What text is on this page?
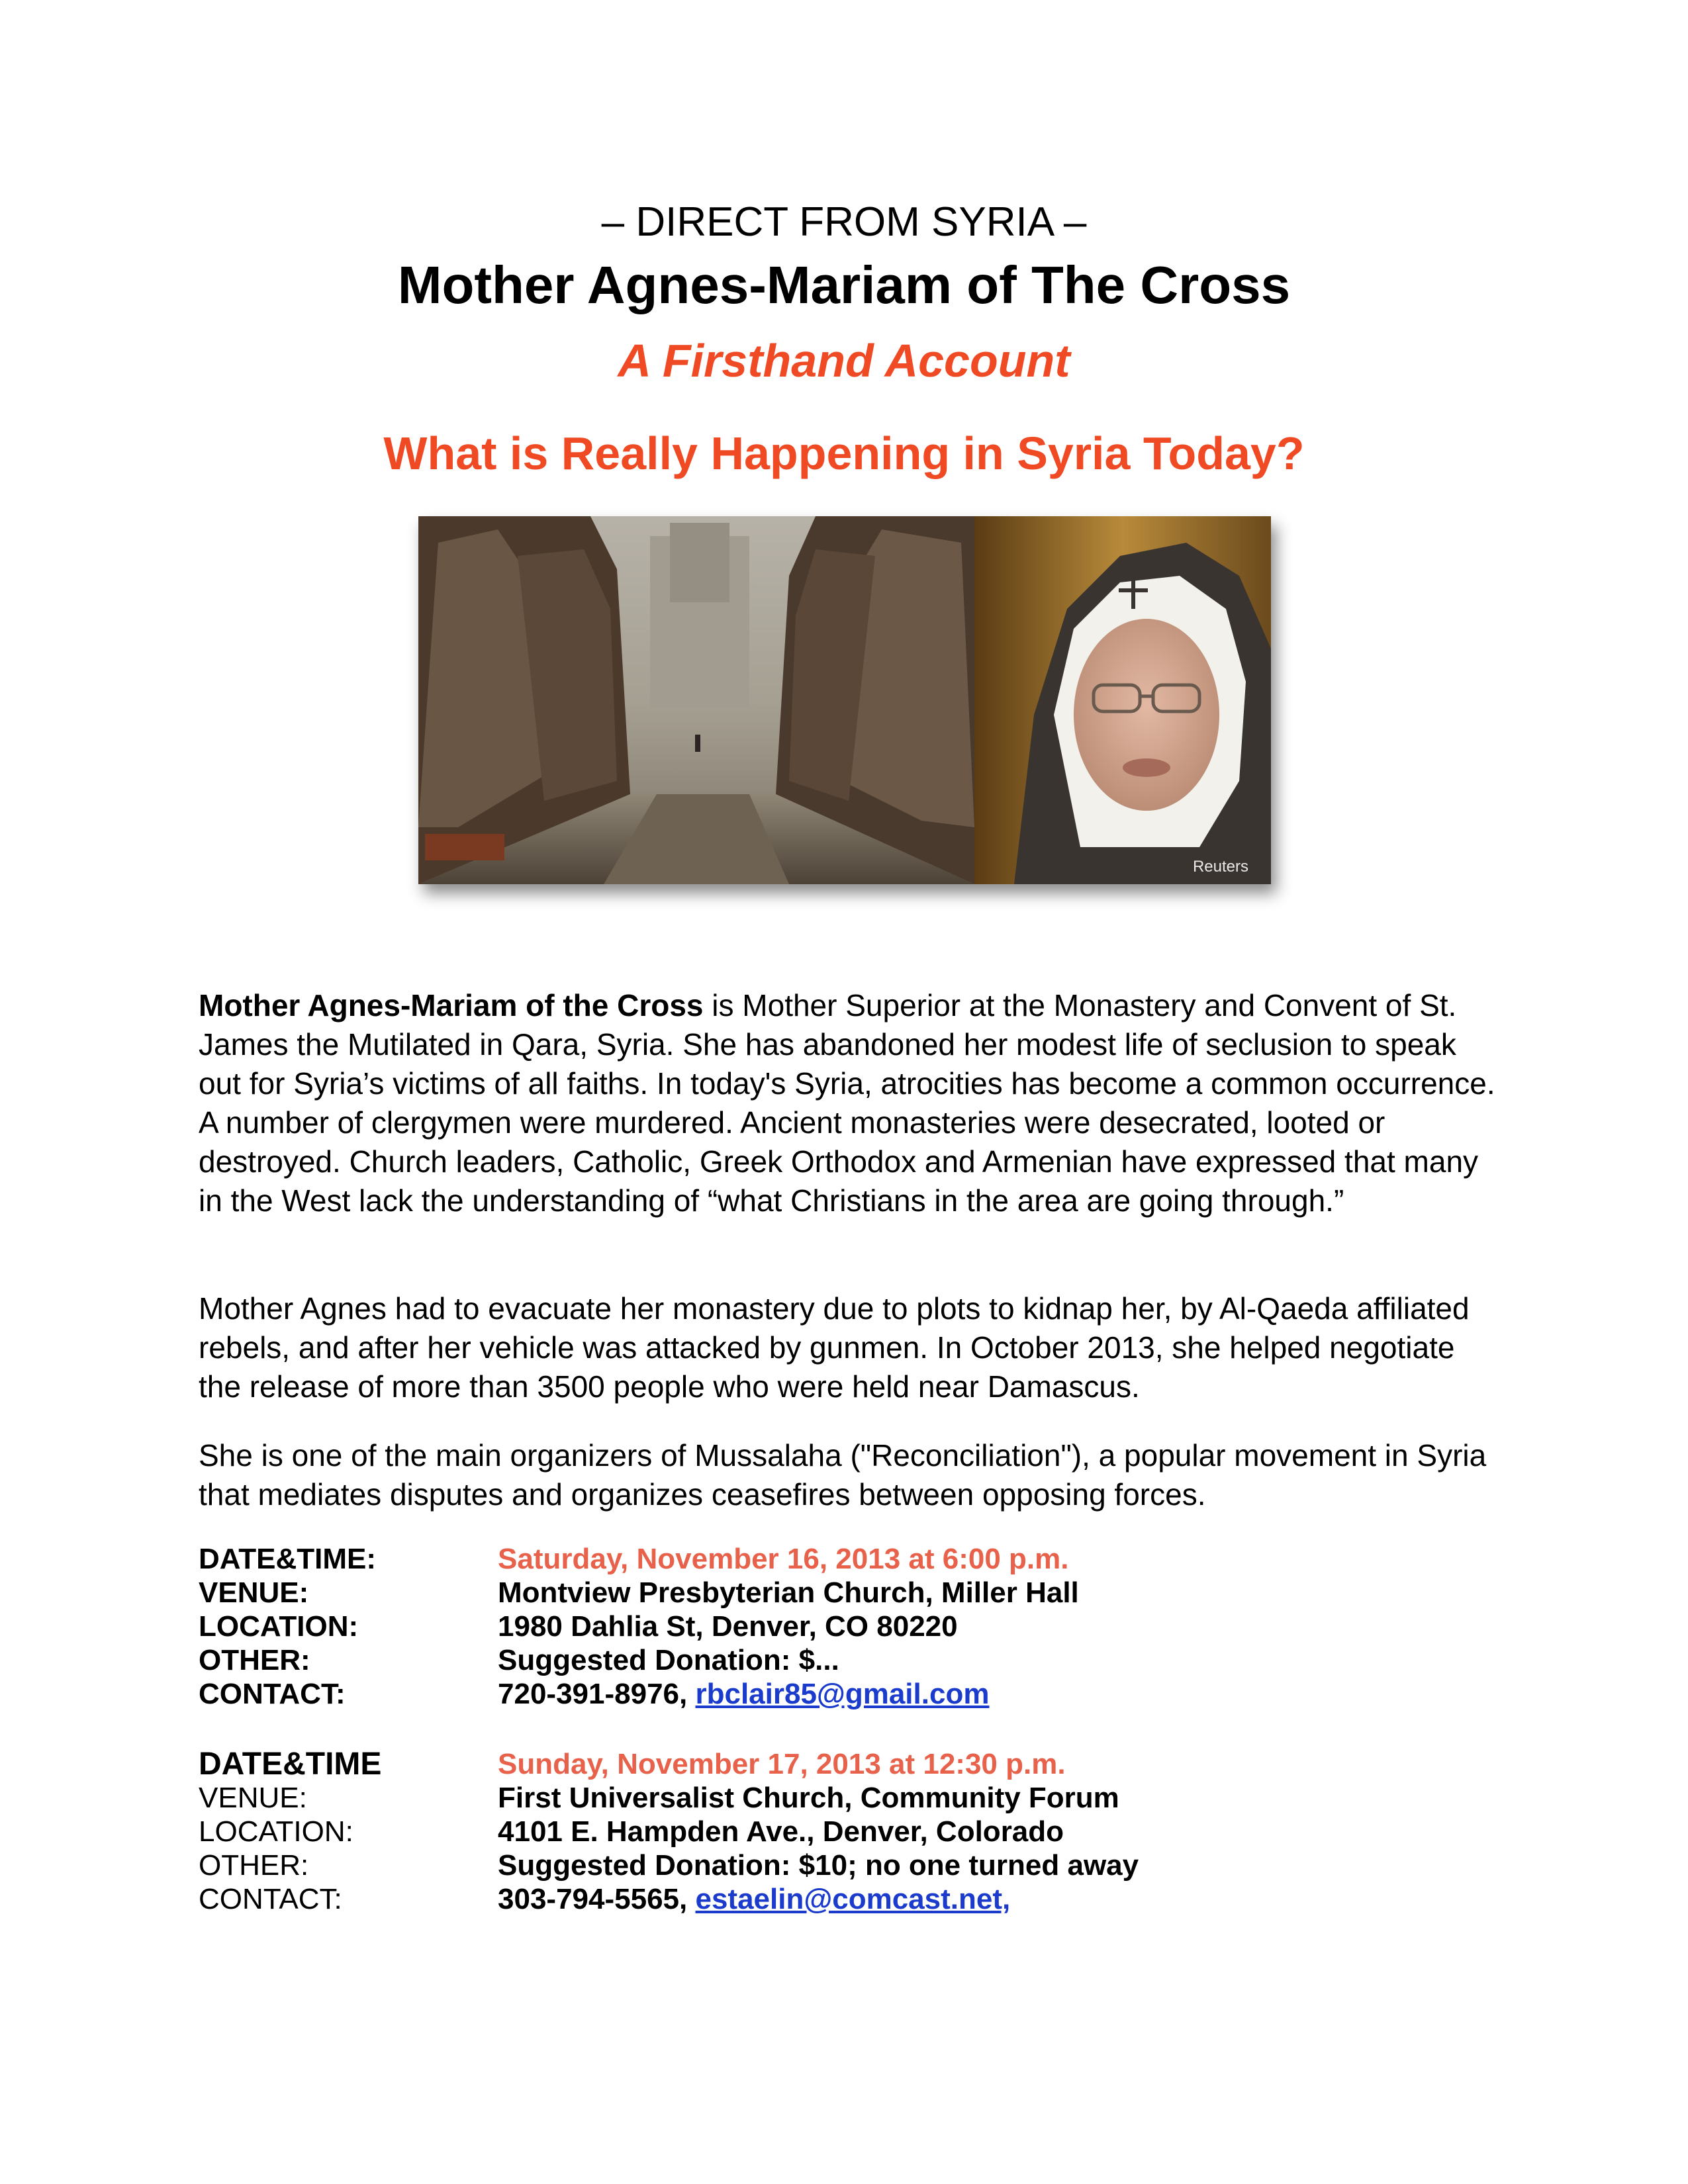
– DIRECT FROM SYRIA –
Mother Agnes-Mariam of The Cross
A Firsthand Account
What is Really Happening in Syria Today?
Reuters

Mother Agnes-Mariam of the Cross is Mother Superior at the Monastery and Convent of St. James the Mutilated in Qara, Syria. She has abandoned her modest life of seclusion to speak out for Syria’s victims of all faiths. In today's Syria, atrocities has become a common occurrence. A number of clergymen were murdered. Ancient monasteries were desecrated, looted or destroyed. Church leaders, Catholic, Greek Orthodox and Armenian have expressed that many in the West lack the understanding of “what Christians in the area are going through.”

Mother Agnes had to evacuate her monastery due to plots to kidnap her, by Al-Qaeda affiliated rebels, and after her vehicle was attacked by gunmen. In October 2013, she helped negotiate the release of more than 3500 people who were held near Damascus.

She is one of the main organizers of Mussalaha ("Reconciliation"), a popular movement in Syria that mediates disputes and organizes ceasefires between opposing forces.

DATE&TIME:	Saturday, November 16, 2013 at 6:00 p.m.
VENUE:	Montview Presbyterian Church, Miller Hall
LOCATION:	1980 Dahlia St, Denver, CO 80220
OTHER:	Suggested Donation: $...
CONTACT:	720-391-8976, rbclair85@gmail.com
DATE&TIME	Sunday, November 17, 2013 at 12:30 p.m.
VENUE:	First Universalist Church, Community Forum
LOCATION:	4101 E. Hampden Ave., Denver, Colorado
OTHER:	Suggested Donation: $10; no one turned away
CONTACT:	303-794-5565, estaelin@comcast.net,
